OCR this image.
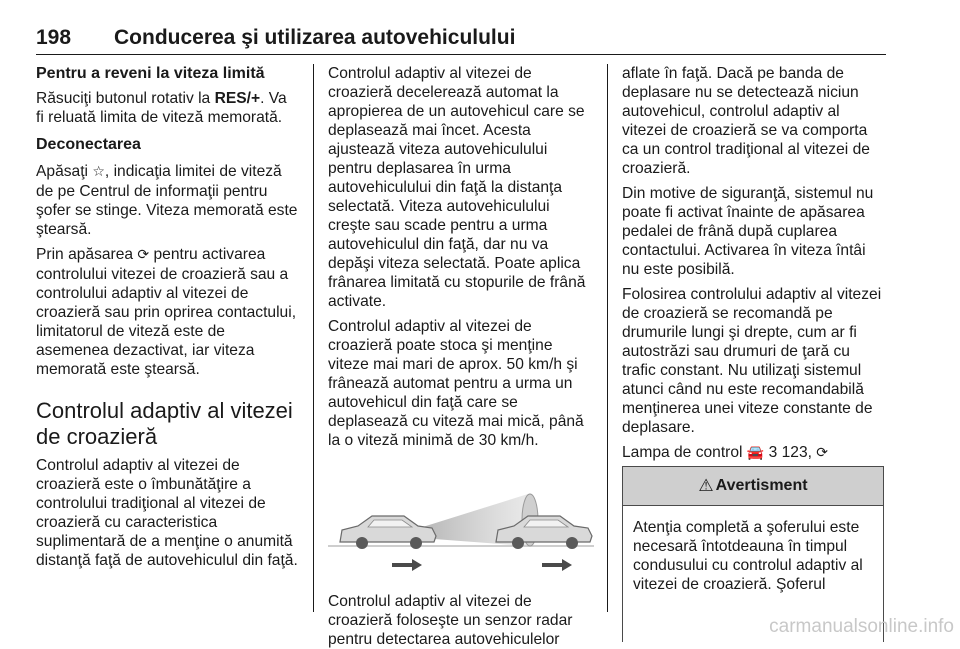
198	Conducerea şi utilizarea autovehiculului
Pentru a reveni la viteza limită
Răsuciţi butonul rotativ la RES/+. Va
fi reluată limita de viteză memorată.
Deconectarea
Apăsaţi ☆, indicaţia limitei de viteză
de pe Centrul de informaţii pentru
şofer se stinge. Viteza memorată este
ştearsă.
Prin apăsarea ⟳ pentru activarea
controlului vitezei de croazieră sau a
controlului adaptiv al vitezei de
croazieră sau prin oprirea contactului,
limitatorul de viteză este de
asemenea dezactivat, iar viteza
memorată este ştearsă.
Controlul adaptiv al vitezei
de croazieră
Controlul adaptiv al vitezei de
croazieră este o îmbunătăţire a
controlului tradiţional al vitezei de
croazieră cu caracteristica
suplimentară de a menţine o anumită
distanţă faţă de autovehiculul din faţă.
Controlul adaptiv al vitezei de
croazieră decelerează automat la
apropierea de un autovehicul care se
deplasează mai încet. Acesta
ajustează viteza autovehiculului
pentru deplasarea în urma
autovehiculului din faţă la distanţa
selectată. Viteza autovehiculului
creşte sau scade pentru a urma
autovehiculul din faţă, dar nu va
depăşi viteza selectată. Poate aplica
frânarea limitată cu stopurile de frână
activate.
Controlul adaptiv al vitezei de
croazieră poate stoca şi menţine
viteze mai mari de aprox. 50 km/h şi
frânează automat pentru a urma un
autovehicul din faţă care se
deplasează cu viteză mai mică, până
la o viteză minimă de 30 km/h.
Controlul adaptiv al vitezei de
croazieră foloseşte un senzor radar
pentru detectarea autovehiculelor
aflate în faţă. Dacă pe banda de
deplasare nu se detectează niciun
autovehicul, controlul adaptiv al
vitezei de croazieră se va comporta
ca un control tradiţional al vitezei de
croazieră.
Din motive de siguranţă, sistemul nu
poate fi activat înainte de apăsarea
pedalei de frână după cuplarea
contactului. Activarea în viteza întâi
nu este posibilă.
Folosirea controlului adaptiv al vitezei
de croazieră se recomandă pe
drumurile lungi şi drepte, cum ar fi
autostrăzi sau drumuri de ţară cu
trafic constant. Nu utilizaţi sistemul
atunci când nu este recomandabilă
menţinerea unei viteze constante de
deplasare.
Lampa de control 🚘 3 123, ⟳
⚠ Avertisment
Atenţia completă a şoferului este
necesară întotdeauna în timpul
condusului cu controlul adaptiv al
vitezei de croazieră. Şoferul
carmanualsonline.info
